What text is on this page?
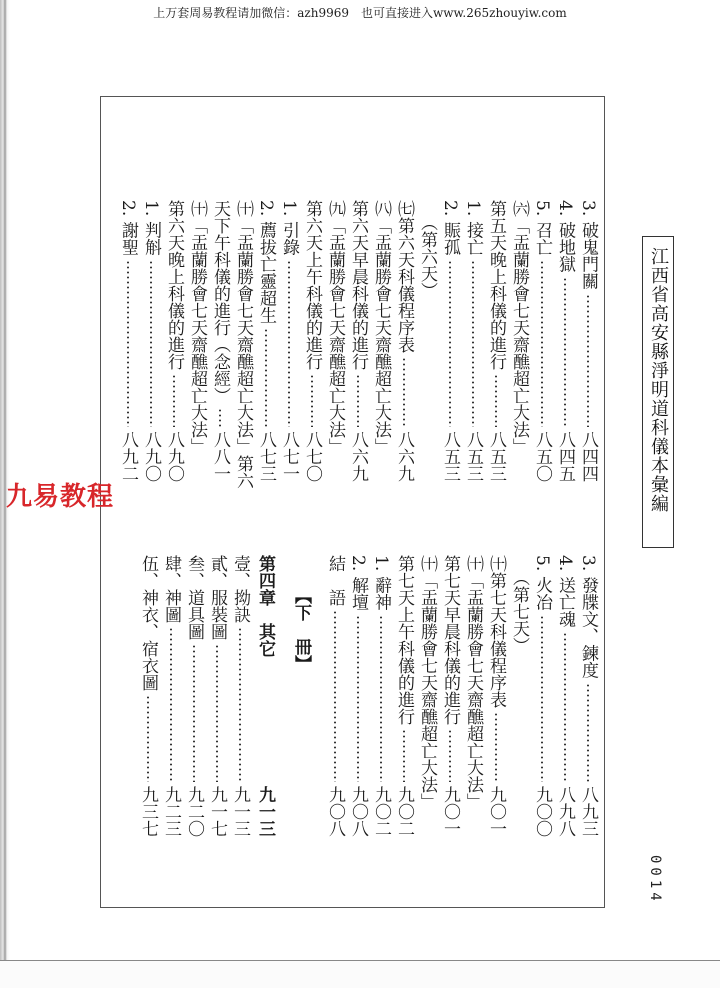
上万套周易教程请加微信：azh9969　也可直接进入www.265zhouyiw.com
江西省高安縣淨明道科儀本彙編
0014
九易教程
3. 破鬼門關
八四四
4. 破地獄
八四五
5. 召亡
八五〇
㈥「盂蘭勝會七天齋醮超亡大法」
第五天晚上科儀的進行
八五三
1. 接亡
八五三
2. 賑孤
八五三
（第六天）
㈦第六天科儀程序表
八六九
㈧「盂蘭勝會七天齋醮超亡大法」
第六天早晨科儀的進行
八六九
㈨「盂蘭勝會七天齋醮超亡大法」
第六天上午科儀的進行
八七〇
1. 引錄
八七一
2. 薦拔亡靈超生
八七三
㈩「盂蘭勝會七天齋醮超亡大法」第六
天下午科儀的進行（念經）
八八一
㈩「盂蘭勝會七天齋醮超亡大法」
第六天晚上科儀的進行
八九〇
1. 判斛
八九〇
2. 謝聖
八九二
3. 發牒文、鍊度
八九三
4. 送亡魂
八九八
5. 火冶
九〇〇
（第七天）
㈩第七天科儀程序表
九〇一
㈩「盂蘭勝會七天齋醮超亡大法」
第七天早晨科儀的進行
九〇一
㈩「盂蘭勝會七天齋醮超亡大法」
第七天上午科儀的進行
九〇二
1. 辭神
九〇二
2. 解壇
九〇八
結　語
九〇八
【下　冊】
第四章　其它
九一三
壹、拗訣
九一三
貳、服裝圖
九一七
叁、道具圖
九二〇
肆、神圖
九二三
伍、神衣、宿衣圖
九三七
